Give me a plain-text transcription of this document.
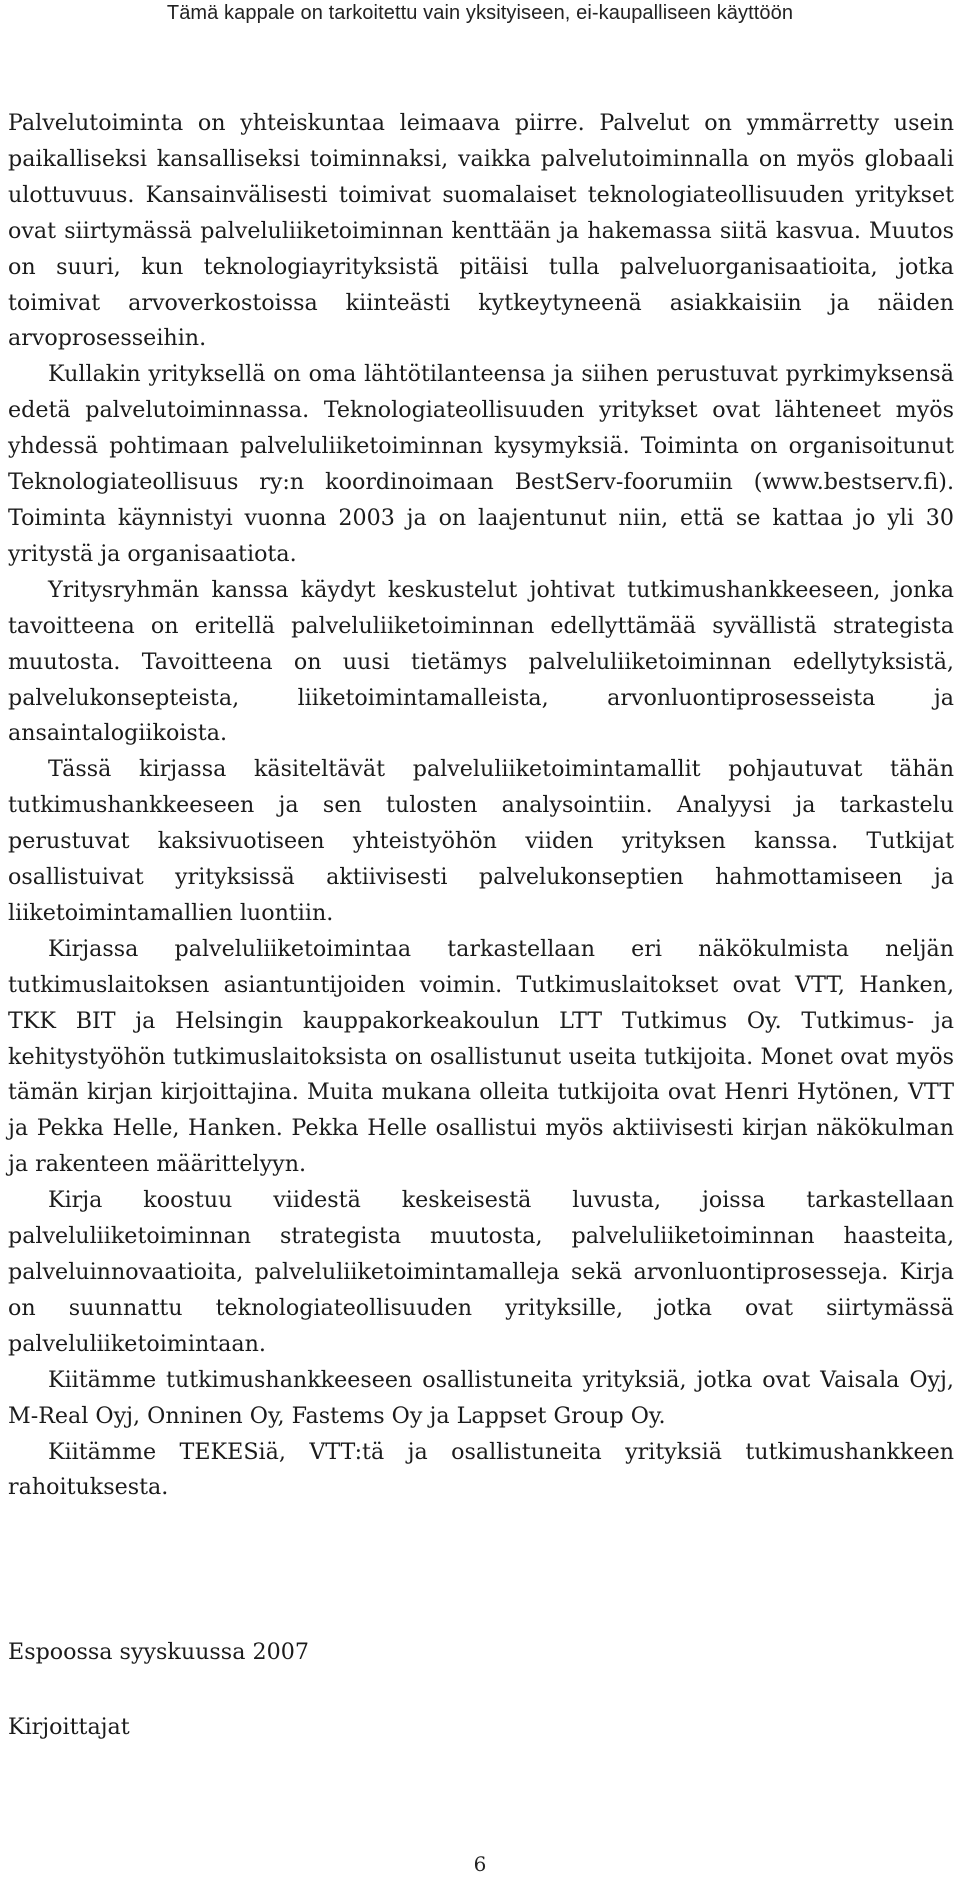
Tämä kappale on tarkoitettu vain yksityiseen, ei-kaupalliseen käyttöön

Palvelutoiminta on yhteiskuntaa leimaava piirre. Palvelut on ymmärretty usein paikalliseksi kansalliseksi toiminnaksi, vaikka palvelutoiminnalla on myös globaali ulottuvuus. Kansainvälisesti toimivat suomalaiset teknologiateollisuuden yritykset ovat siirtymässä palveluliiketoiminnan kenttään ja hakemassa siitä kasvua. Muutos on suuri, kun teknologiayrityksistä pitäisi tulla palveluorganisaatioita, jotka toimivat arvoverkostoissa kiinteästi kytkeytyneenä asiakkaisiin ja näiden arvoprosesseihin.

Kullakin yrityksellä on oma lähtötilanteensa ja siihen perustuvat pyrkimyksensä edetä palvelutoiminnassa. Teknologiateollisuuden yritykset ovat lähteneet myös yhdessä pohtimaan palveluliiketoiminnan kysymyksiä. Toiminta on organisoitunut Teknologiateollisuus ry:n koordinoimaan BestServ-foorumiin (www.bestserv.fi). Toiminta käynnistyi vuonna 2003 ja on laajentunut niin, että se kattaa jo yli 30 yritystä ja organisaatiota.

Yritysryhmän kanssa käydyt keskustelut johtivat tutkimushankkeeseen, jonka tavoitteena on eritellä palveluliiketoiminnan edellyttämää syvällistä strategista muutosta. Tavoitteena on uusi tietämys palveluliiketoiminnan edellytyksistä, palvelukonsepteista, liiketoimintamalleista, arvonluontiprosesseista ja ansaintalogiikoista.

Tässä kirjassa käsiteltävät palveluliiketoimintamallit pohjautuvat tähän tutkimushankkeeseen ja sen tulosten analysointiin. Analyysi ja tarkastelu perustuvat kaksivuotiseen yhteistyöhön viiden yrityksen kanssa. Tutkijat osallistuivat yrityksissä aktiivisesti palvelukonseptien hahmottamiseen ja liiketoimintamallien luontiin.

Kirjassa palveluliiketoimintaa tarkastellaan eri näkökulmista neljän tutkimuslaitoksen asiantuntijoiden voimin. Tutkimuslaitokset ovat VTT, Hanken, TKK BIT ja Helsingin kauppakorkeakoulun LTT Tutkimus Oy. Tutkimus- ja kehitystyöhön tutkimuslaitoksista on osallistunut useita tutkijoita. Monet ovat myös tämän kirjan kirjoittajina. Muita mukana olleita tutkijoita ovat Henri Hytönen, VTT ja Pekka Helle, Hanken. Pekka Helle osallistui myös aktiivisesti kirjan näkökulman ja rakenteen määrittelyyn.

Kirja koostuu viidestä keskeisestä luvusta, joissa tarkastellaan palveluliiketoiminnan strategista muutosta, palveluliiketoiminnan haasteita, palveluinnovaatioita, palveluliiketoimintamalleja sekä arvonluontiprosesseja. Kirja on suunnattu teknologiateollisuuden yrityksille, jotka ovat siirtymässä palveluliiketoimintaan.

Kiitämme tutkimushankkeeseen osallistuneita yrityksiä, jotka ovat Vaisala Oyj, M-Real Oyj, Onninen Oy, Fastems Oy ja Lappset Group Oy.

Kiitämme TEKESiä, VTT:tä ja osallistuneita yrityksiä tutkimushankkeen rahoituksesta.

Espoossa syyskuussa 2007
Kirjoittajat
6
